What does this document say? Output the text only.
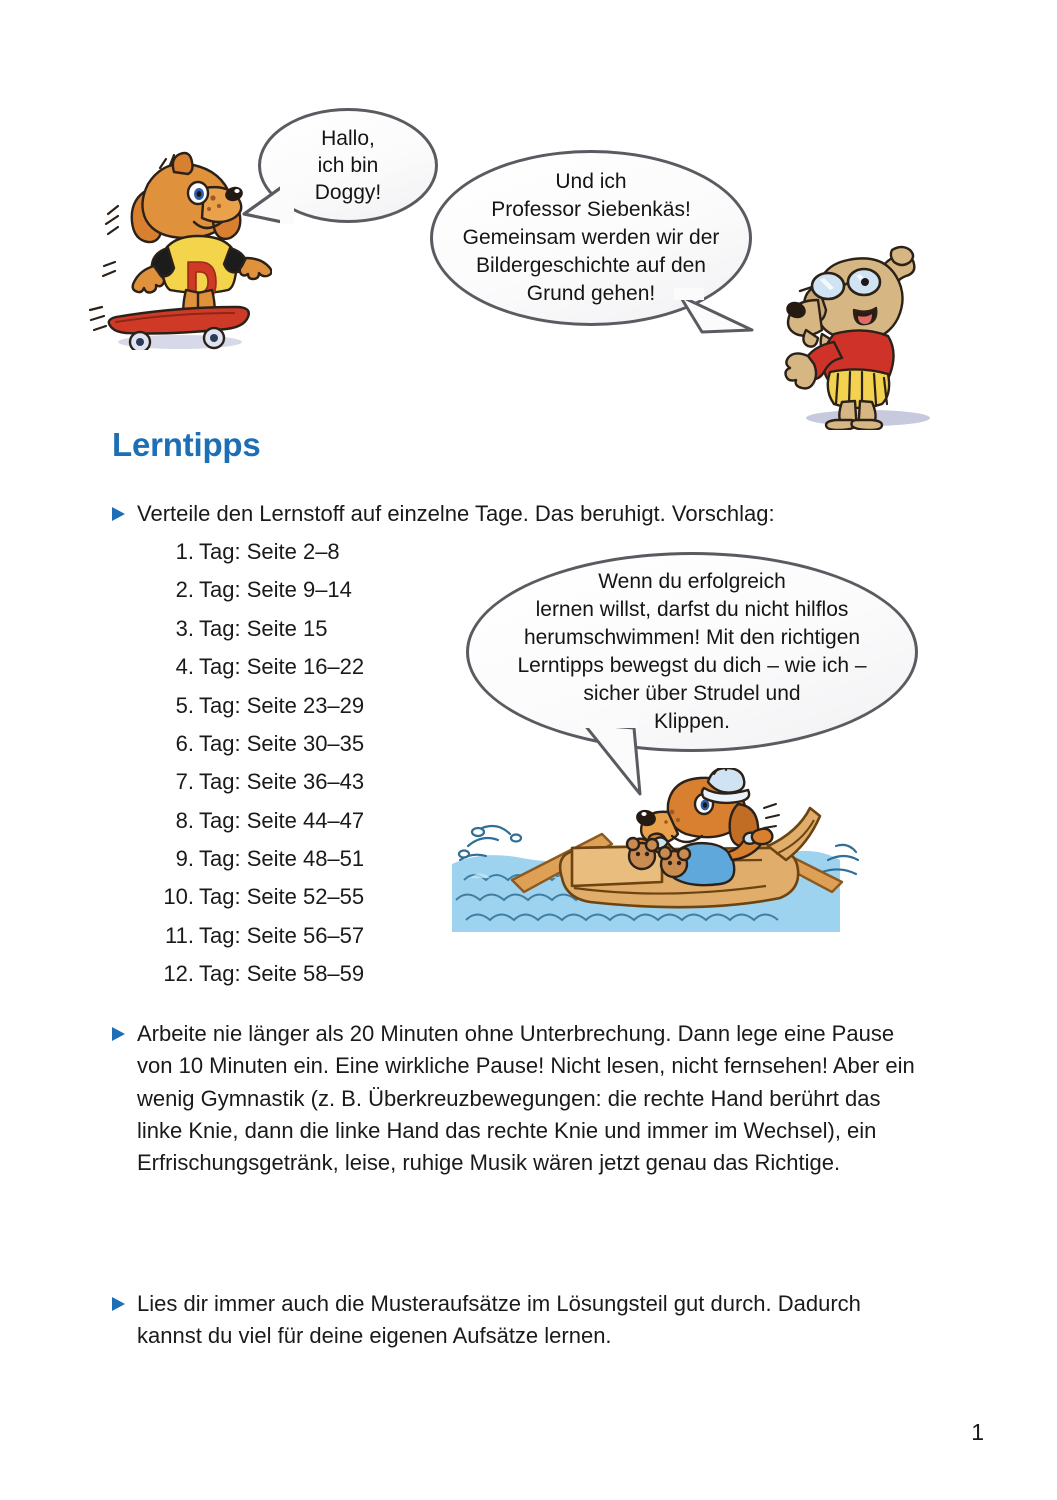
Hallo,
ich bin
Doggy!	Und ich
Professor Siebenkäs!
Gemeinsam werden wir der
Bildergeschichte auf den
Grund gehen!
Lerntipps

Verteile den Lernstoff auf einzelne Tage. Das beruhigt. Vorschlag:

1. Tag: Seite 2–8
2. Tag: Seite 9–14
3. Tag: Seite 15
4. Tag: Seite 16–22
5. Tag: Seite 23–29
6. Tag: Seite 30–35
7. Tag: Seite 36–43
8. Tag: Seite 44–47
9. Tag: Seite 48–51
10. Tag: Seite 52–55
11. Tag: Seite 56–57
12. Tag: Seite 58–59
Wenn du erfolgreich
lernen willst, darfst du nicht hilflos
herumschwimmen! Mit den richtigen
Lerntipps bewegst du dich – wie ich –
sicher über Strudel und
Klippen.

Arbeite nie länger als 20 Minuten ohne Unterbrechung. Dann lege eine Pause von 10 Minuten ein. Eine wirkliche Pause! Nicht lesen, nicht fernsehen! Aber ein wenig Gymnastik (z. B. Überkreuzbewegungen: die rechte Hand berührt das linke Knie, dann die linke Hand das rechte Knie und immer im Wechsel), ein Erfrischungsgetränk, leise, ruhige Musik wären jetzt genau das Richtige.

Lies dir immer auch die Musteraufsätze im Lösungsteil gut durch. Dadurch kannst du viel für deine eigenen Aufsätze lernen.

1
